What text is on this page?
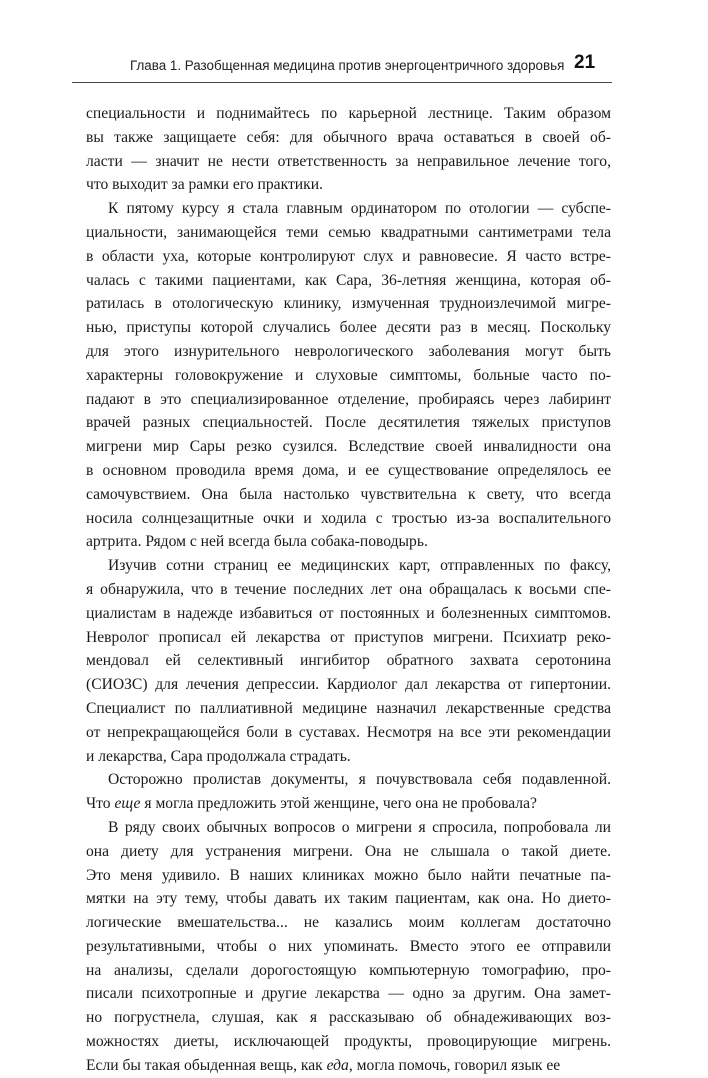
Глава 1. Разобщенная медицина против энергоцентричного здоровья 21
специальности и поднимайтесь по карьерной лестнице. Таким образом
вы также защищаете себя: для обычного врача оставаться в своей об-
ласти — значит не нести ответственность за неправильное лечение того,
что выходит за рамки его практики.
К пятому курсу я стала главным ординатором по отологии — субспе-
циальности, занимающейся теми семью квадратными сантиметрами тела
в области уха, которые контролируют слух и равновесие. Я часто встре-
чалась с такими пациентами, как Сара, 36-летняя женщина, которая об-
ратилась в отологическую клинику, измученная трудноизлечимой мигре-
нью, приступы которой случались более десяти раз в месяц. Поскольку
для этого изнурительного неврологического заболевания могут быть
характерны головокружение и слуховые симптомы, больные часто по-
падают в это специализированное отделение, пробираясь через лабиринт
врачей разных специальностей. После десятилетия тяжелых приступов
мигрени мир Сары резко сузился. Вследствие своей инвалидности она
в основном проводила время дома, и ее существование определялось ее
самочувствием. Она была настолько чувствительна к свету, что всегда
носила солнцезащитные очки и ходила с тростью из-за воспалительного
артрита. Рядом с ней всегда была собака-поводырь.
Изучив сотни страниц ее медицинских карт, отправленных по факсу,
я обнаружила, что в течение последних лет она обращалась к восьми спе-
циалистам в надежде избавиться от постоянных и болезненных симптомов.
Невролог прописал ей лекарства от приступов мигрени. Психиатр реко-
мендовал ей селективный ингибитор обратного захвата серотонина
(СИОЗС) для лечения депрессии. Кардиолог дал лекарства от гипертонии.
Специалист по паллиативной медицине назначил лекарственные средства
от непрекращающейся боли в суставах. Несмотря на все эти рекомендации
и лекарства, Сара продолжала страдать.
Осторожно пролистав документы, я почувствовала себя подавленной.
Что еще я могла предложить этой женщине, чего она не пробовала?
В ряду своих обычных вопросов о мигрени я спросила, попробовала ли
она диету для устранения мигрени. Она не слышала о такой диете.
Это меня удивило. В наших клиниках можно было найти печатные па-
мятки на эту тему, чтобы давать их таким пациентам, как она. Но дието-
логические вмешательства... не казались моим коллегам достаточно
результативными, чтобы о них упоминать. Вместо этого ее отправили
на анализы, сделали дорогостоящую компьютерную томографию, про-
писали психотропные и другие лекарства — одно за другим. Она замет-
но погрустнела, слушая, как я рассказываю об обнадеживающих воз-
можностях диеты, исключающей продукты, провоцирующие мигрень.
Если бы такая обыденная вещь, как еда, могла помочь, говорил язык ее
